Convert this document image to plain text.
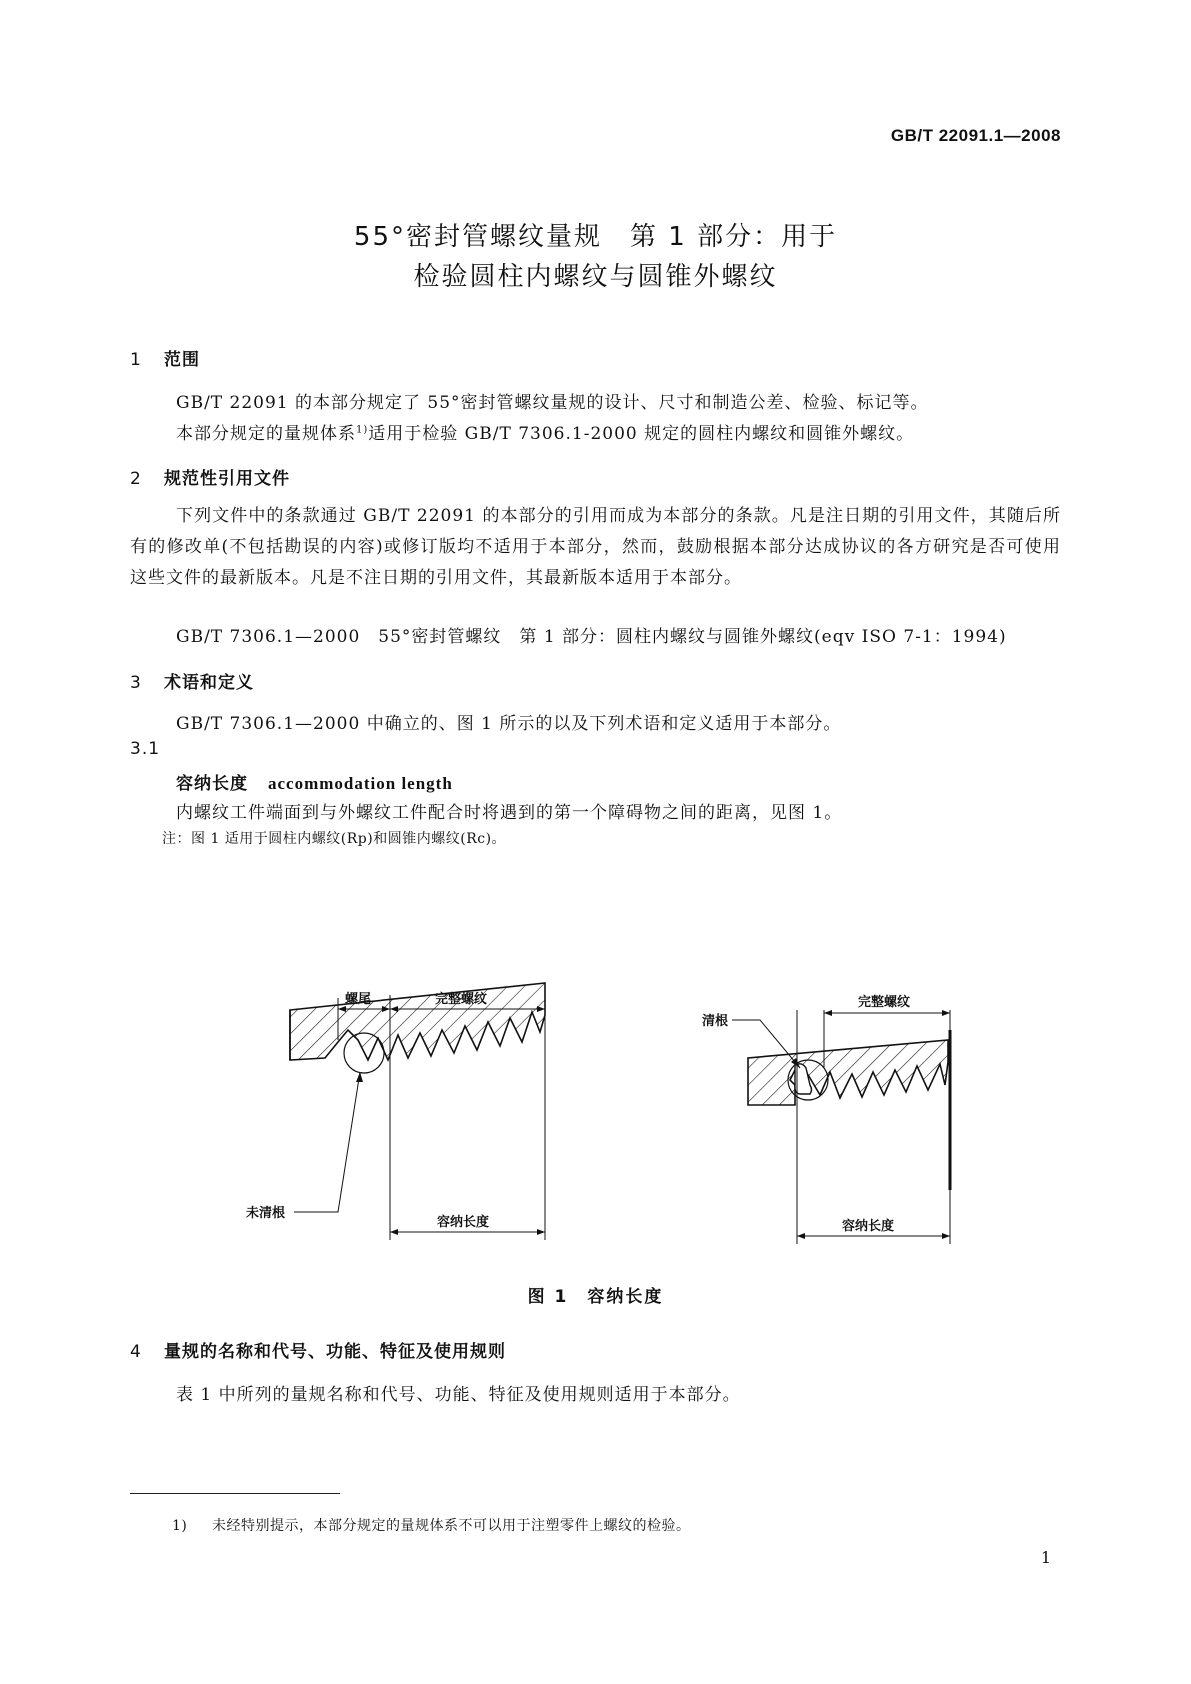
GB/T 22091.1—2008
55°密封管螺纹量规　第 1 部分：用于
检验圆柱内螺纹与圆锥外螺纹
1 范围
GB/T 22091 的本部分规定了 55°密封管螺纹量规的设计、尺寸和制造公差、检验、标记等。
本部分规定的量规体系$^{1)}$适用于检验 GB/T 7306.1-2000 规定的圆柱内螺纹和圆锥外螺纹。
2 规范性引用文件
下列文件中的条款通过 GB/T 22091 的本部分的引用而成为本部分的条款。凡是注日期的引用文件，其随后所有的修改单(不包括勘误的内容)或修订版均不适用于本部分，然而，鼓励根据本部分达成协议的各方研究是否可使用这些文件的最新版本。凡是不注日期的引用文件，其最新版本适用于本部分。
GB/T 7306.1—2000　55°密封管螺纹　第 1 部分：圆柱内螺纹与圆锥外螺纹(eqv ISO 7-1：1994)
3 术语和定义
GB/T 7306.1—2000 中确立的、图 1 所示的以及下列术语和定义适用于本部分。
3.1
容纳长度 accommodation length
内螺纹工件端面到与外螺纹工件配合时将遇到的第一个障碍物之间的距离，见图 1。
注：图 1 适用于圆柱内螺纹(Rp)和圆锥内螺纹(Rc)。
螺尾	完整螺纹
未清根
容纳长度
清根
完整螺纹
容纳长度
图 1　容纳长度
4 量规的名称和代号、功能、特征及使用规则
表 1 中所列的量规名称和代号、功能、特征及使用规则适用于本部分。
1) 未经特别提示，本部分规定的量规体系不可以用于注塑零件上螺纹的检验。
1
